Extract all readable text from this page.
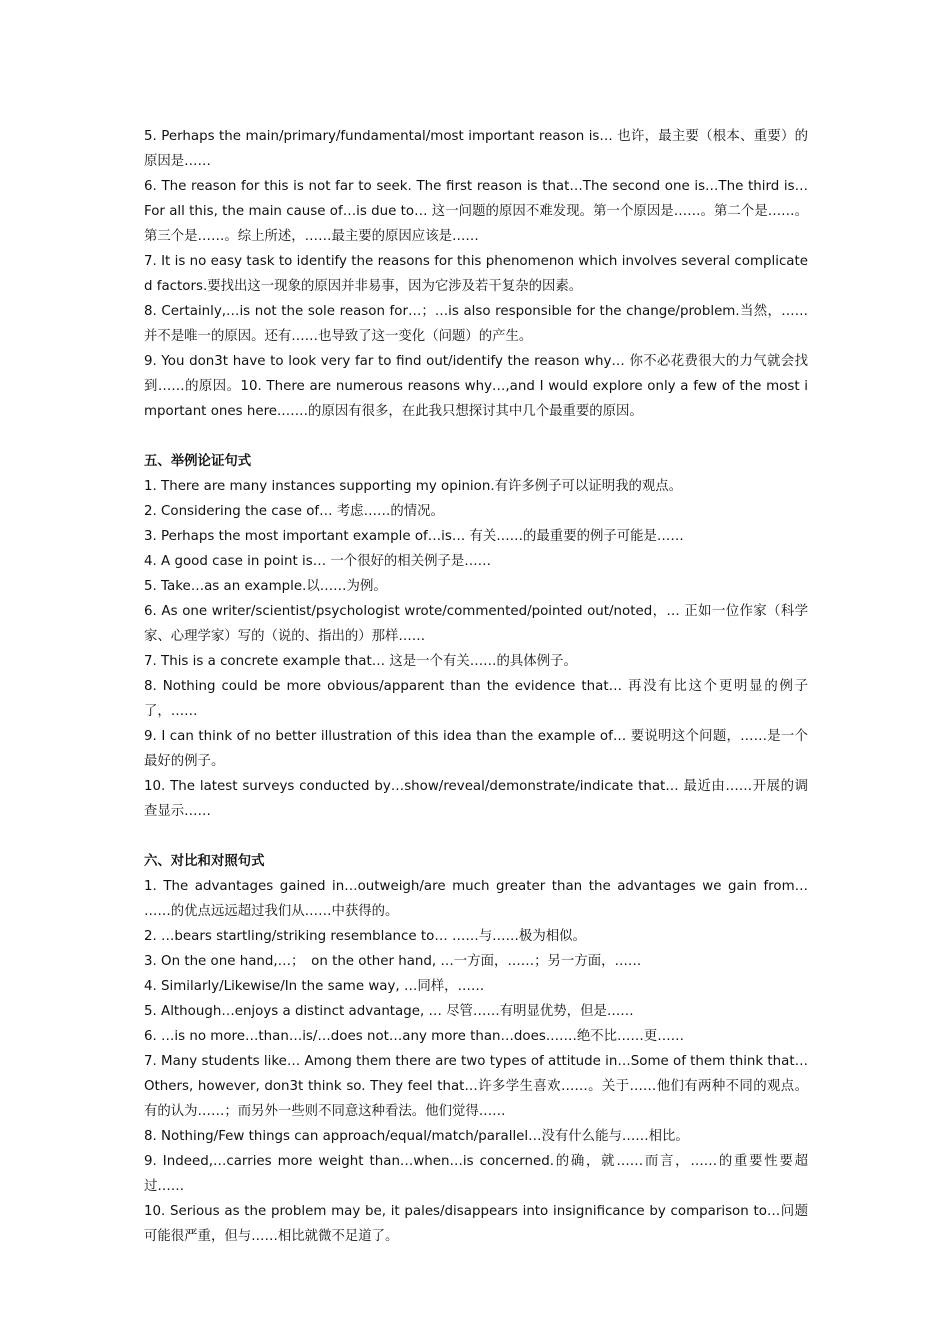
5. Perhaps the main/primary/fundamental/most important reason is… 也许，最主要（根本、重要）的原因是……

6. The reason for this is not far to seek. The first reason is that…The second one is…The third is… For all this, the main cause of…is due to… 这一问题的原因不难发现。第一个原因是……。第二个是……。第三个是……。综上所述，……最主要的原因应该是……

7. It is no easy task to identify the reasons for this phenomenon which involves several complicated factors.要找出这一现象的原因并非易事，因为它涉及若干复杂的因素。

8. Certainly,…is not the sole reason for…；…is also responsible for the change/problem.当然，……并不是唯一的原因。还有……也导致了这一变化（问题）的产生。

9. You don3t have to look very far to find out/identify the reason why… 你不必花费很大的力气就会找到……的原因。10. There are numerous reasons why…,and I would explore only a few of the most important ones here.……的原因有很多，在此我只想探讨其中几个最重要的原因。

五、举例论证句式

1. There are many instances supporting my opinion.有许多例子可以证明我的观点。

2. Considering the case of… 考虑……的情况。

3. Perhaps the most important example of…is… 有关……的最重要的例子可能是……

4. A good case in point is… 一个很好的相关例子是……

5. Take…as an example.以……为例。

6. As one writer/scientist/psychologist wrote/commented/pointed out/noted，… 正如一位作家（科学家、心理学家）写的（说的、指出的）那样……

7. This is a concrete example that… 这是一个有关……的具体例子。

8. Nothing could be more obvious/apparent than the evidence that… 再没有比这个更明显的例子了，……

9. I can think of no better illustration of this idea than the example of… 要说明这个问题，……是一个最好的例子。

10. The latest surveys conducted by…show/reveal/demonstrate/indicate that… 最近由……开展的调查显示……

六、对比和对照句式

1. The advantages gained in…outweigh/are much greater than the advantages we gain from… ……的优点远远超过我们从……中获得的。

2. …bears startling/striking resemblance to… ……与……极为相似。

3. On the one hand,…；　on the other hand, …一方面，……；另一方面，……

4. Similarly/Likewise/In the same way, …同样，……

5. Although…enjoys a distinct advantage, … 尽管……有明显优势，但是……

6. …is no more…than…is/…does not…any more than…does.……绝不比……更……

7. Many students like… Among them there are two types of attitude in…Some of them think that… Others, however, don3t think so. They feel that…许多学生喜欢……。关于……他们有两种不同的观点。有的认为……；而另外一些则不同意这种看法。他们觉得……

8. Nothing/Few things can approach/equal/match/parallel…没有什么能与……相比。

9. Indeed,…carries more weight than…when…is concerned.的确，就……而言，……的重要性要超过……

10. Serious as the problem may be, it pales/disappears into insignificance by comparison to…问题可能很严重，但与……相比就微不足道了。
